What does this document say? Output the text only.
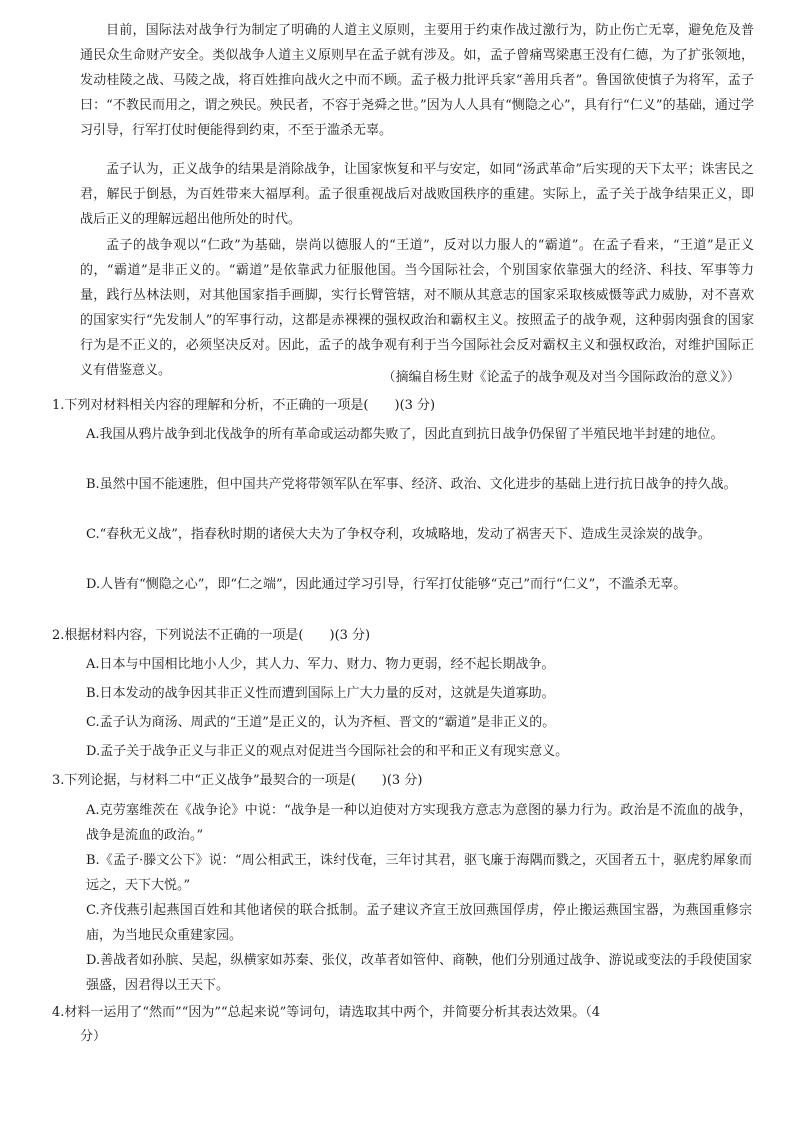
目前，国际法对战争行为制定了明确的人道主义原则，主要用于约束作战过激行为，防止伤亡无辜，避免危及普通民众生命财产安全。类似战争人道主义原则早在孟子就有涉及。如，孟子曾痛骂梁惠王没有仁德，为了扩张领地，发动桂陵之战、马陵之战，将百姓推向战火之中而不顾。孟子极力批评兵家“善用兵者”。鲁国欲使慎子为将军，孟子曰：“不教民而用之，谓之殃民。殃民者，不容于尧舜之世。”因为人人具有“恻隐之心”，具有行“仁义”的基础，通过学习引导，行军打仗时便能得到约束，不至于滥杀无辜。

孟子认为，正义战争的结果是消除战争，让国家恢复和平与安定，如同“汤武革命”后实现的天下太平；诛害民之君，解民于倒悬，为百姓带来大福厚利。孟子很重视战后对战败国秩序的重建。实际上，孟子关于战争结果正义，即战后正义的理解远超出他所处的时代。

孟子的战争观以“仁政”为基础，崇尚以德服人的“王道”，反对以力服人的“霸道”。在孟子看来，“王道”是正义的，“霸道”是非正义的。“霸道”是依靠武力征服他国。当今国际社会，个别国家依靠强大的经济、科技、军事等力量，践行丛林法则，对其他国家指手画脚，实行长臂管辖，对不顺从其意志的国家采取核威慑等武力威胁，对不喜欢的国家实行“先发制人”的军事行动，这都是赤裸裸的强权政治和霸权主义。按照孟子的战争观，这种弱肉强食的国家行为是不正义的，必须坚决反对。因此，孟子的战争观有利于当今国际社会反对霸权主义和强权政治，对维护国际正义有借鉴意义。	（摘编自杨生财《论孟子的战争观及对当今国际政治的意义》）
1.下列对材料相关内容的理解和分析，不正确的一项是(　　)(3 分)
A.我国从鸦片战争到北伐战争的所有革命或运动都失败了，因此直到抗日战争仍保留了半殖民地半封建的地位。
B.虽然中国不能速胜，但中国共产党将带领军队在军事、经济、政治、文化进步的基础上进行抗日战争的持久战。
C.“春秋无义战”，指春秋时期的诸侯大夫为了争权夺利，攻城略地，发动了祸害天下、造成生灵涂炭的战争。
D.人皆有“恻隐之心”，即“仁之端”，因此通过学习引导，行军打仗能够“克己”而行“仁义”，不滥杀无辜。
2.根据材料内容，下列说法不正确的一项是(　　)(3 分)
A.日本与中国相比地小人少，其人力、军力、财力、物力更弱，经不起长期战争。
B.日本发动的战争因其非正义性而遭到国际上广大力量的反对，这就是失道寡助。
C.孟子认为商汤、周武的“王道”是正义的，认为齐桓、晋文的“霸道”是非正义的。
D.孟子关于战争正义与非正义的观点对促进当今国际社会的和平和正义有现实意义。
3.下列论据，与材料二中“正义战争”最契合的一项是(　　)(3 分)
A.克劳塞维茨在《战争论》中说：“战争是一种以迫使对方实现我方意志为意图的暴力行为。政治是不流血的战争，战争是流血的政治。”
B.《孟子·滕文公下》说：“周公相武王，诛纣伐奄，三年讨其君，驱飞廉于海隅而戮之，灭国者五十，驱虎豹犀象而远之，天下大悦。”
C.齐伐燕引起燕国百姓和其他诸侯的联合抵制。孟子建议齐宣王放回燕国俘虏，停止搬运燕国宝器，为燕国重修宗庙，为当地民众重建家园。
D.善战者如孙膑、吴起，纵横家如苏秦、张仪，改革者如管仲、商鞅，他们分别通过战争、游说或变法的手段使国家强盛，因君得以王天下。
4.材料一运用了“然而”“因为”“总起来说”等词句，请选取其中两个，并简要分析其表达效果。（4
分）
